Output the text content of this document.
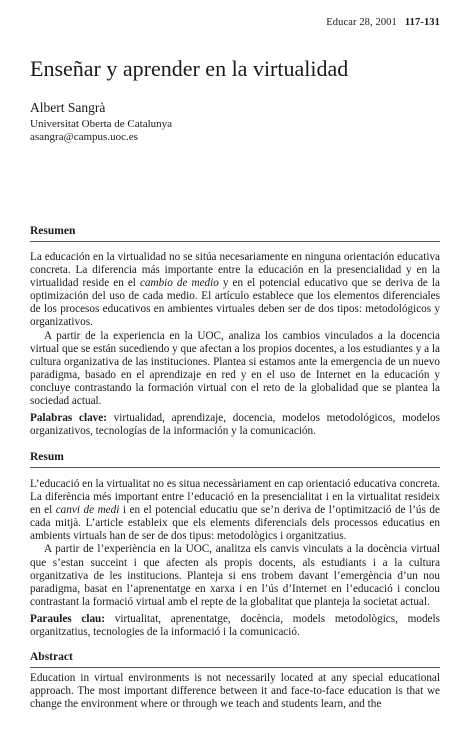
Educar 28, 2001 117-131
Enseñar y aprender en la virtualidad
Albert Sangrà
Universitat Oberta de Catalunya
asangra@campus.uoc.es
Resumen

La educación en la virtualidad no se sitúa necesariamente en ninguna orientación educativa concreta. La diferencia más importante entre la educación en la presencialidad y en la virtualidad reside en el cambio de medio y en el potencial educativo que se deriva de la optimización del uso de cada medio. El artículo establece que los elementos diferenciales de los procesos educativos en ambientes virtuales deben ser de dos tipos: metodológicos y organizativos.

A partir de la experiencia en la UOC, analiza los cambios vinculados a la docencia virtual que se están sucediendo y que afectan a los propios docentes, a los estudiantes y a la cultura organizativa de las instituciones. Plantea si estamos ante la emergencia de un nuevo paradigma, basado en el aprendizaje en red y en el uso de Internet en la educación y concluye contrastando la formación virtual con el reto de la globalidad que se plantea la sociedad actual.

Palabras clave: virtualidad, aprendizaje, docencia, modelos metodológicos, modelos organizativos, tecnologías de la información y la comunicación.

Resum

L’educació en la virtualitat no es situa necessàriament en cap orientació educativa concreta. La diferència més important entre l’educació en la presencialitat i en la virtualitat resideix en el canvi de medi i en el potencial educatiu que se’n deriva de l’optimització de l’ús de cada mitjà. L’article estableix que els elements diferencials dels processos educatius en ambients virtuals han de ser de dos tipus: metodològics i organitzatius.

A partir de l’experiència en la UOC, analitza els canvis vinculats a la docència virtual que s’estan succeint i que afecten als propis docents, als estudiants i a la cultura organitzativa de les institucions. Planteja si ens trobem davant l’emergència d’un nou paradigma, basat en l’aprenentatge en xarxa i en l’ús d’Internet en l’educació i conclou contrastant la formació virtual amb el repte de la globalitat que planteja la societat actual.

Paraules clau: virtualitat, aprenentatge, docència, models metodològics, models organitzatius, tecnologies de la informació i la comunicació.

Abstract

Education in virtual environments is not necessarily located at any special educational approach. The most important difference between it and face-to-face education is that we change the environment where or through we teach and students learn, and the
